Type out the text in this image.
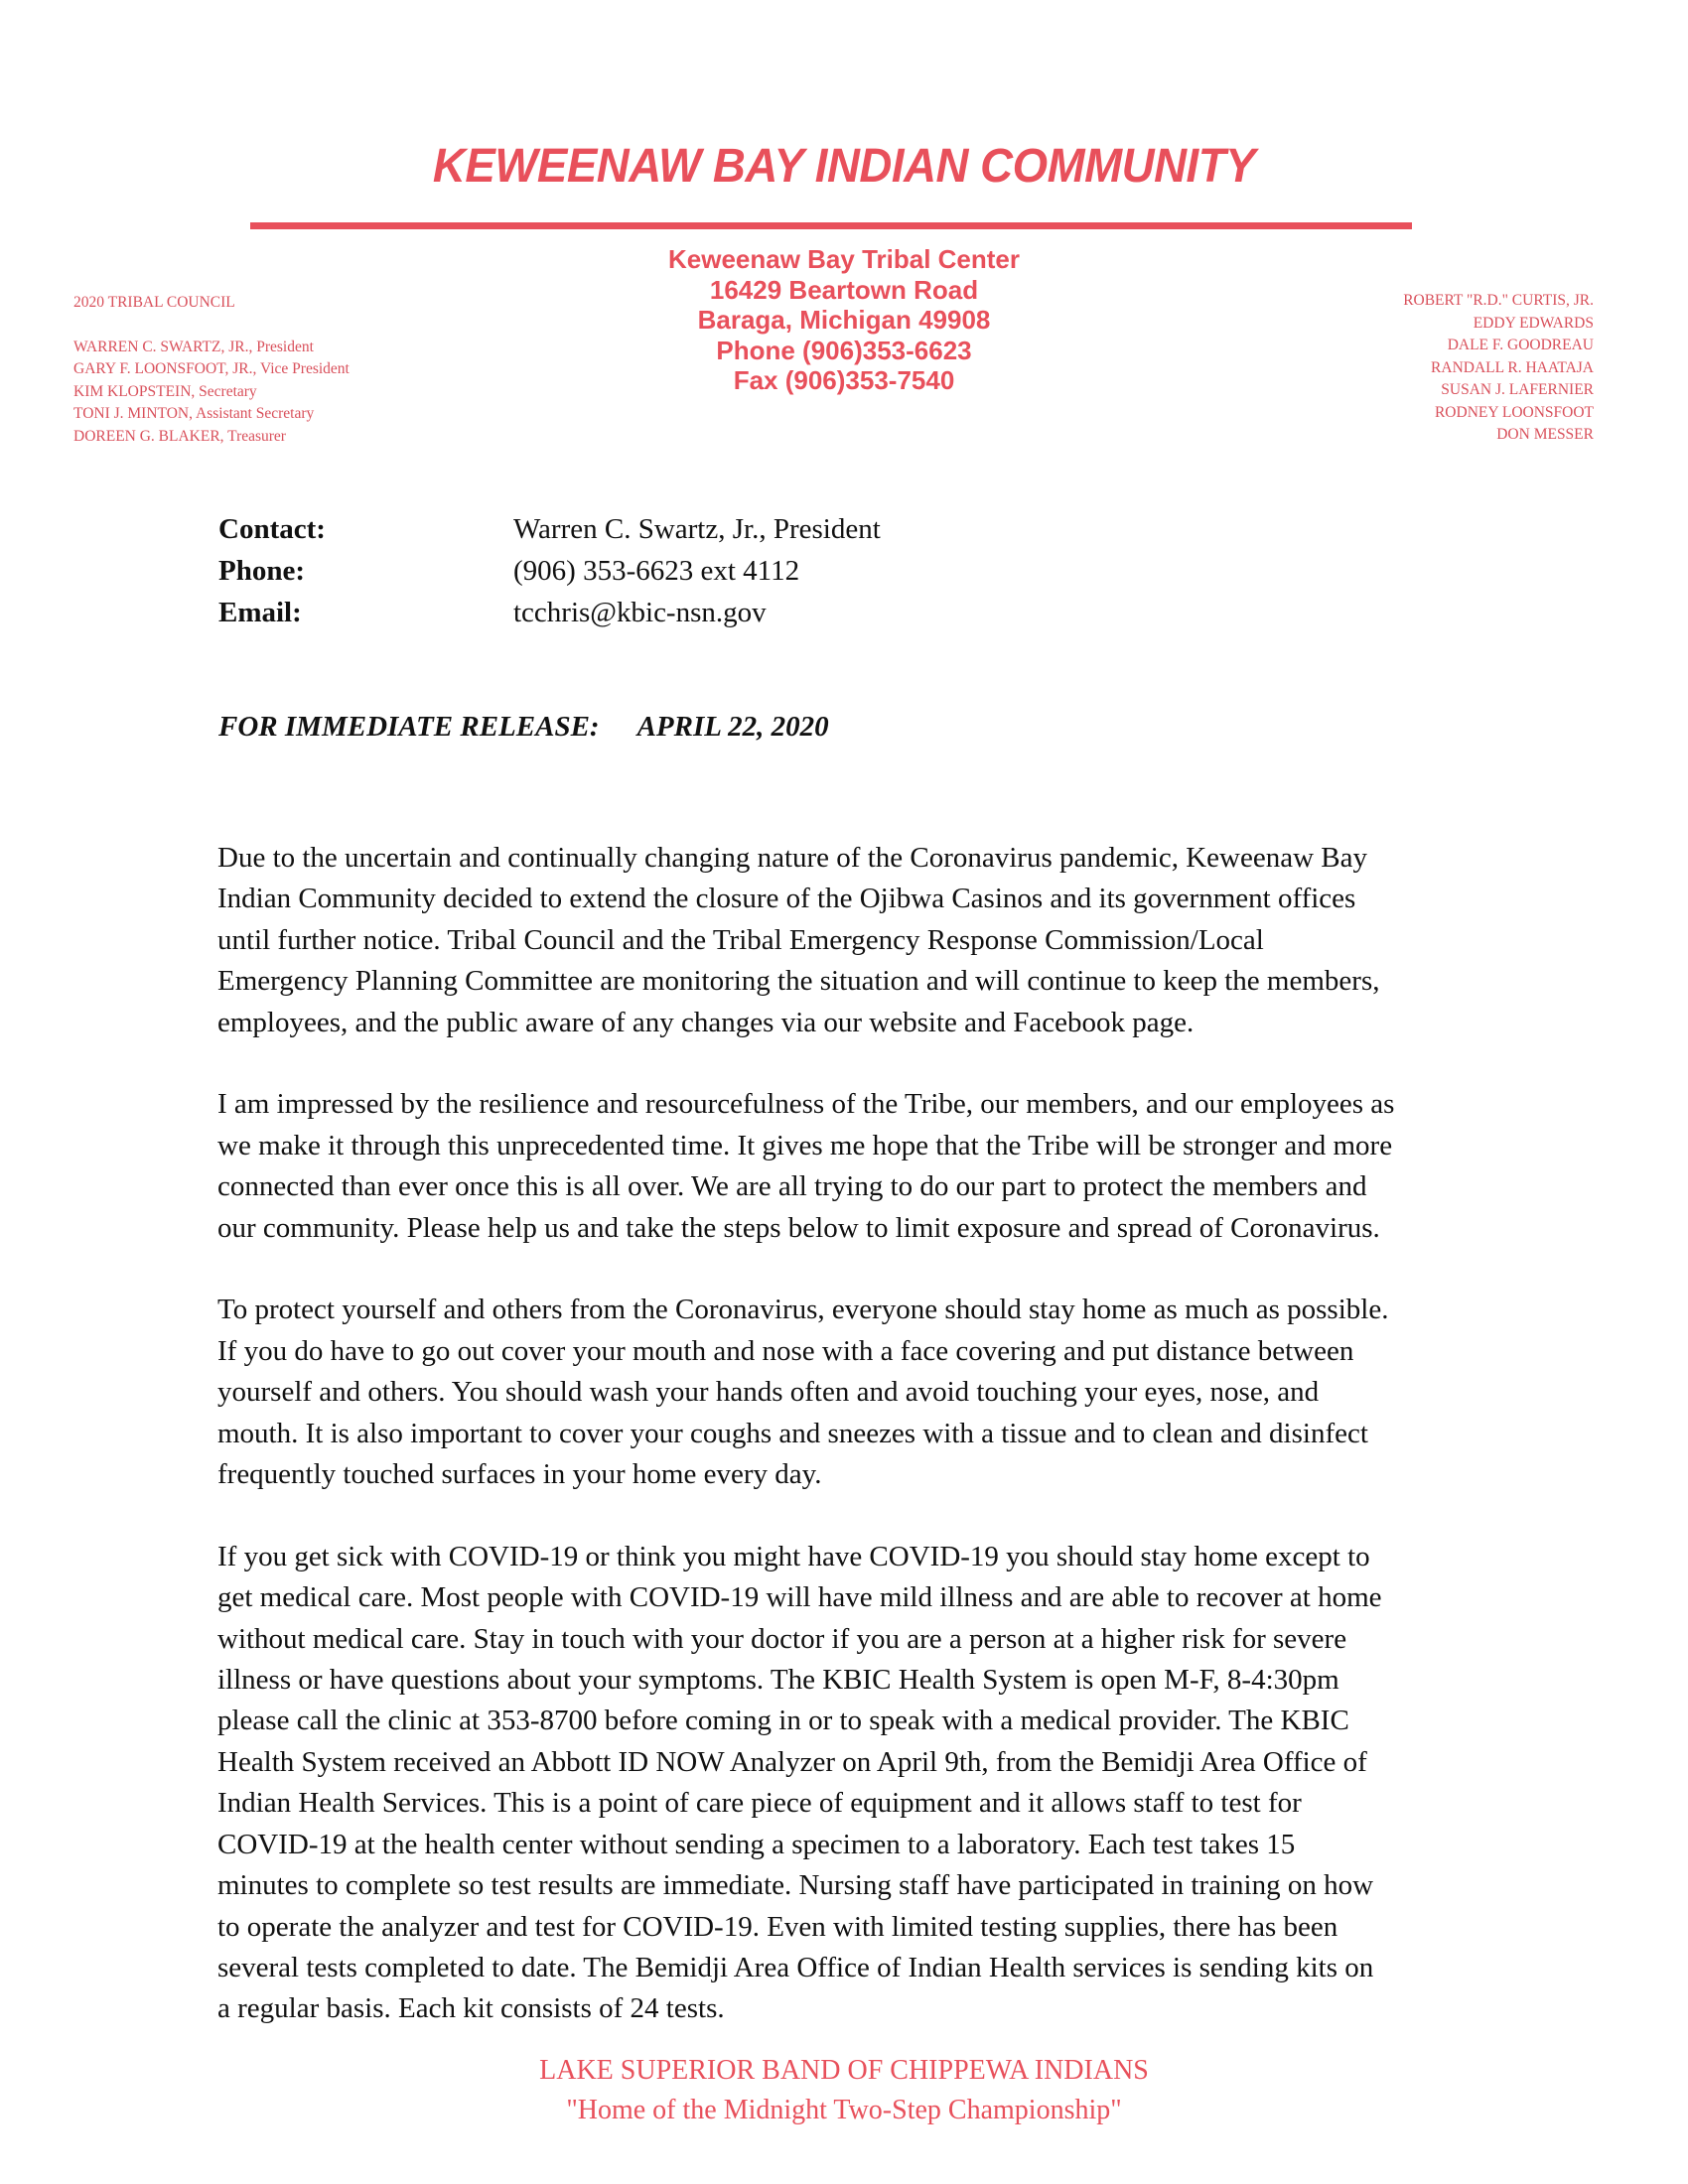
KEWEENAW BAY INDIAN COMMUNITY
Keweenaw Bay Tribal Center
16429 Beartown Road
Baraga, Michigan 49908
Phone (906)353-6623
Fax (906)353-7540
2020 TRIBAL COUNCIL
WARREN C. SWARTZ, JR., President
GARY F. LOONSFOOT, JR., Vice President
KIM KLOPSTEIN, Secretary
TONI J. MINTON, Assistant Secretary
DOREEN G. BLAKER, Treasurer
ROBERT "R.D." CURTIS, JR.
EDDY EDWARDS
DALE F. GOODREAU
RANDALL R. HAATAJA
SUSAN J. LAFERNIER
RODNEY LOONSFOOT
DON MESSER
Contact:	Warren C. Swartz, Jr., President
Phone:	(906) 353-6623 ext 4112
Email:	tcchris@kbic-nsn.gov
FOR IMMEDIATE RELEASE: APRIL 22, 2020

Due to the uncertain and continually changing nature of the Coronavirus pandemic, Keweenaw Bay
Indian Community decided to extend the closure of the Ojibwa Casinos and its government offices
until further notice. Tribal Council and the Tribal Emergency Response Commission/Local
Emergency Planning Committee are monitoring the situation and will continue to keep the members,
employees, and the public aware of any changes via our website and Facebook page.

I am impressed by the resilience and resourcefulness of the Tribe, our members, and our employees as
we make it through this unprecedented time. It gives me hope that the Tribe will be stronger and more
connected than ever once this is all over. We are all trying to do our part to protect the members and
our community. Please help us and take the steps below to limit exposure and spread of Coronavirus.

To protect yourself and others from the Coronavirus, everyone should stay home as much as possible.
If you do have to go out cover your mouth and nose with a face covering and put distance between
yourself and others. You should wash your hands often and avoid touching your eyes, nose, and
mouth. It is also important to cover your coughs and sneezes with a tissue and to clean and disinfect
frequently touched surfaces in your home every day.

If you get sick with COVID-19 or think you might have COVID-19 you should stay home except to
get medical care. Most people with COVID-19 will have mild illness and are able to recover at home
without medical care. Stay in touch with your doctor if you are a person at a higher risk for severe
illness or have questions about your symptoms. The KBIC Health System is open M-F, 8-4:30pm
please call the clinic at 353-8700 before coming in or to speak with a medical provider. The KBIC
Health System received an Abbott ID NOW Analyzer on April 9th, from the Bemidji Area Office of
Indian Health Services. This is a point of care piece of equipment and it allows staff to test for
COVID-19 at the health center without sending a specimen to a laboratory. Each test takes 15
minutes to complete so test results are immediate. Nursing staff have participated in training on how
to operate the analyzer and test for COVID-19. Even with limited testing supplies, there has been
several tests completed to date. The Bemidji Area Office of Indian Health services is sending kits on
a regular basis. Each kit consists of 24 tests.

LAKE SUPERIOR BAND OF CHIPPEWA INDIANS
"Home of the Midnight Two-Step Championship"
